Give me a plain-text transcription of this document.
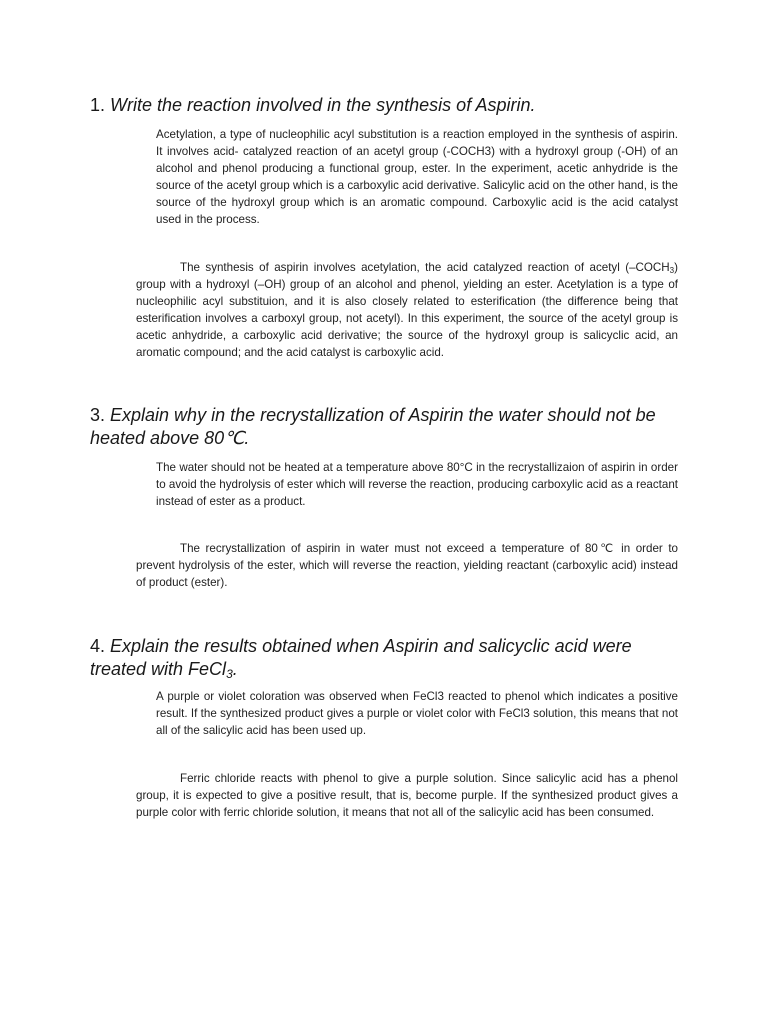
1. Write the reaction involved in the synthesis of Aspirin.

Acetylation, a type of nucleophilic acyl substitution is a reaction employed in the synthesis of aspirin. It involves acid- catalyzed reaction of an acetyl group (-COCH3) with a hydroxyl group (-OH) of an alcohol and phenol producing a functional group, ester. In the experiment, acetic anhydride is the source of the acetyl group which is a carboxylic acid derivative. Salicylic acid on the other hand, is the source of the hydroxyl group which is an aromatic compound. Carboxylic acid is the acid catalyst used in the process.

The synthesis of aspirin involves acetylation, the acid catalyzed reaction of acetyl $(-COCH_3)$ group with a hydroxyl (–OH) group of an alcohol and phenol, yielding an ester. Acetylation is a type of nucleophilic acyl substituion, and it is also closely related to esterification (the difference being that esterification involves a carboxyl group, not acetyl). In this experiment, the source of the acetyl group is acetic anhydride, a carboxylic acid derivative; the source of the hydroxyl group is salicyclic acid, an aromatic compound; and the acid catalyst is carboxylic acid.

3. Explain why in the recrystallization of Aspirin the water should not be heated above 80℃.

The water should not be heated at a temperature above 80°C in the recrystallizaion of aspirin in order to avoid the hydrolysis of ester which will reverse the reaction, producing carboxylic acid as a reactant instead of ester as a product.

The recrystallization of aspirin in water must not exceed a temperature of 80℃ in order to prevent hydrolysis of the ester, which will reverse the reaction, yielding reactant (carboxylic acid) instead of product (ester).

4. Explain the results obtained when Aspirin and salicyclic acid were treated with FeCl3.

A purple or violet coloration was observed when FeCl3 reacted to phenol which indicates a positive result. If the synthesized product gives a purple or violet color with FeCl3 solution, this means that not all of the salicylic acid has been used up.

Ferric chloride reacts with phenol to give a purple solution. Since salicylic acid has a phenol group, it is expected to give a positive result, that is, become purple. If the synthesized product gives a purple color with ferric chloride solution, it means that not all of the salicylic acid has been consumed.
